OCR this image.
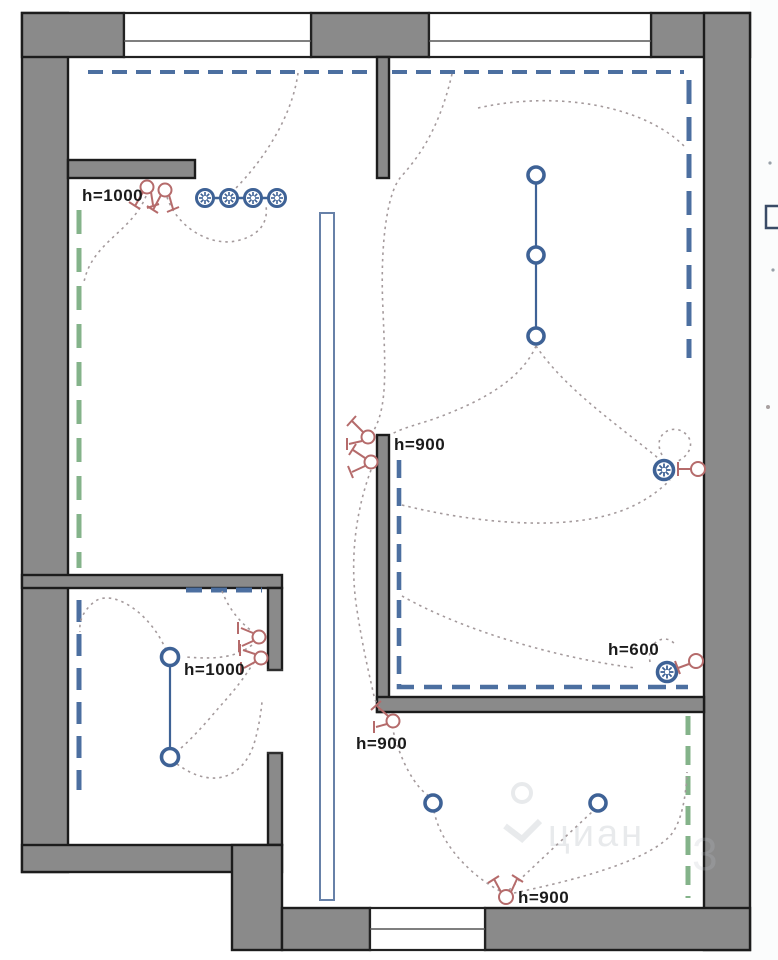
циан 3
h=1000
h=900
h=600
h=1000
h=900
h=900
